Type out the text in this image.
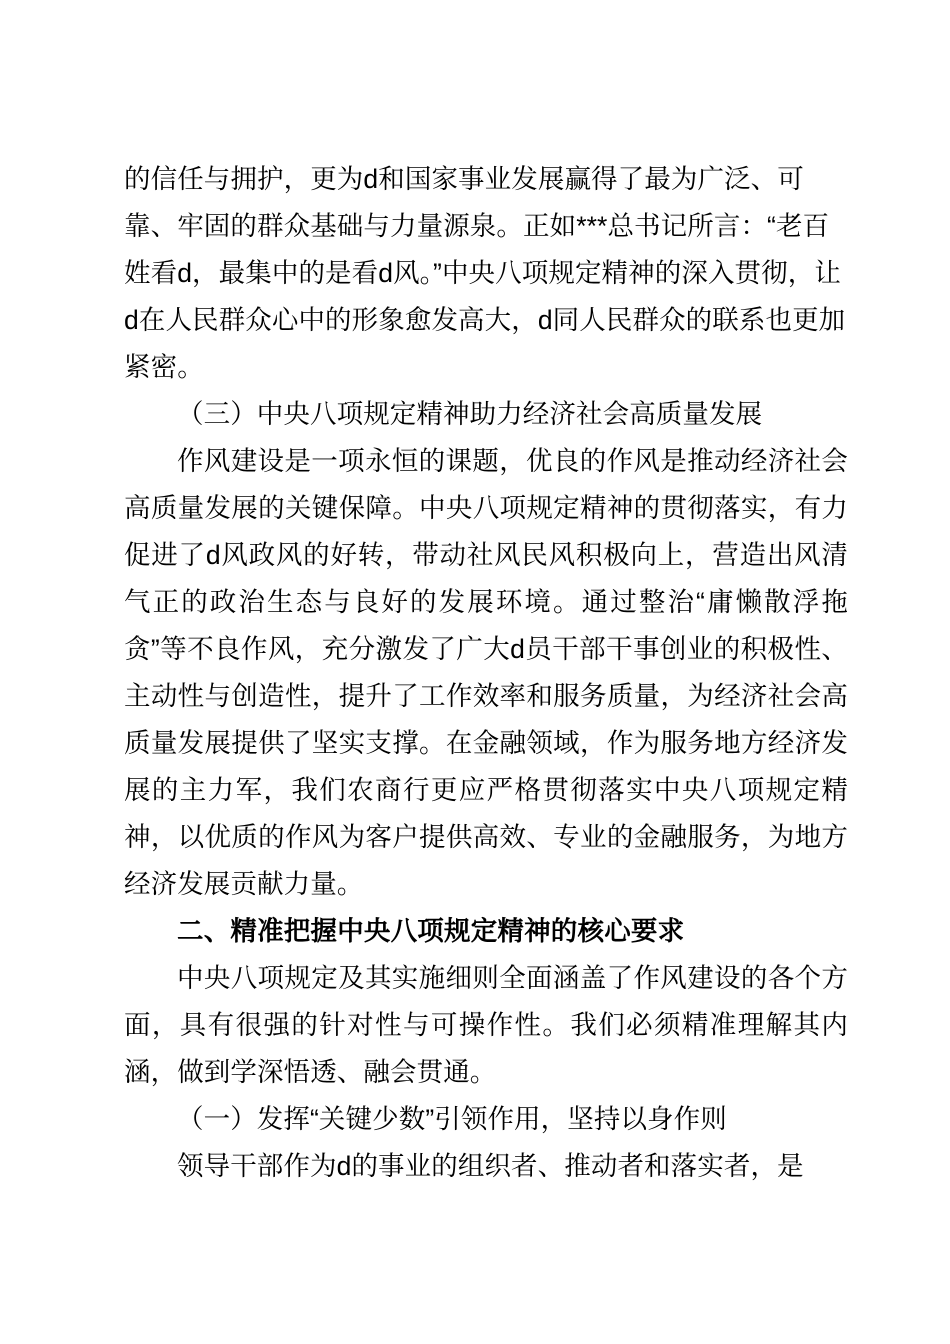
的信任与拥护，更为d和国家事业发展赢得了最为广泛、可靠、牢固的群众基础与力量源泉。正如***总书记所言：“老百姓看d，最集中的是看d风。”中央八项规定精神的深入贯彻，让d在人民群众心中的形象愈发高大，d同人民群众的联系也更加紧密。

（三）中央八项规定精神助力经济社会高质量发展

作风建设是一项永恒的课题，优良的作风是推动经济社会高质量发展的关键保障。中央八项规定精神的贯彻落实，有力促进了d风政风的好转，带动社风民风积极向上，营造出风清气正的政治生态与良好的发展环境。通过整治“庸懒散浮拖贪”等不良作风，充分激发了广大d员干部干事创业的积极性、主动性与创造性，提升了工作效率和服务质量，为经济社会高质量发展提供了坚实支撑。在金融领域，作为服务地方经济发展的主力军，我们农商行更应严格贯彻落实中央八项规定精神，以优质的作风为客户提供高效、专业的金融服务，为地方经济发展贡献力量。

二、精准把握中央八项规定精神的核心要求

中央八项规定及其实施细则全面涵盖了作风建设的各个方面，具有很强的针对性与可操作性。我们必须精准理解其内涵，做到学深悟透、融会贯通。

（一）发挥“关键少数”引领作用，坚持以身作则

领导干部作为d的事业的组织者、推动者和落实者，是
